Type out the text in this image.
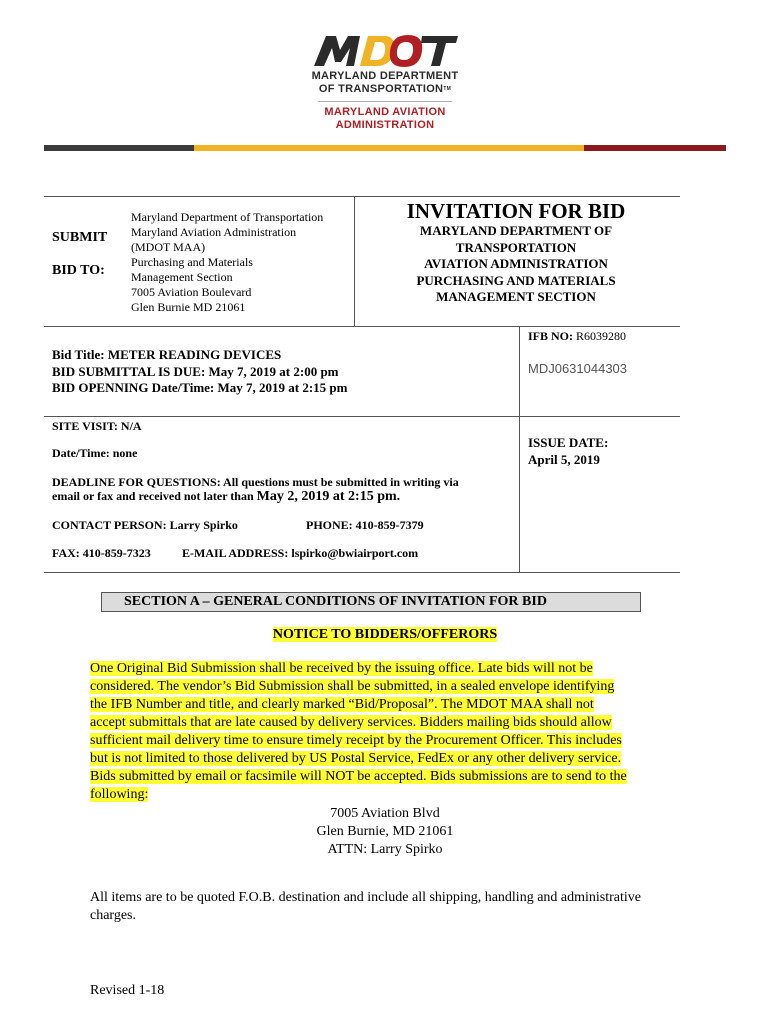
MARYLAND DEPARTMENT
OF TRANSPORTATIONTM
MARYLAND AVIATION
ADMINISTRATION
SUBMIT
BID TO:
Maryland Department of Transportation
Maryland Aviation Administration
(MDOT MAA)
Purchasing and Materials
Management Section
7005 Aviation Boulevard
Glen Burnie MD 21061
INVITATION FOR BID
MARYLAND DEPARTMENT OF
TRANSPORTATION
AVIATION ADMINISTRATION
PURCHASING AND MATERIALS
MANAGEMENT SECTION
IFB NO: R6039280
MDJ0631044303
Bid Title: METER READING DEVICES
BID SUBMITTAL IS DUE: May 7, 2019 at 2:00 pm
BID OPENNING Date/Time: May 7, 2019 at 2:15 pm
SITE VISIT: N/A
Date/Time: none
DEADLINE FOR QUESTIONS: All questions must be submitted in writing via
email or fax and received not later than May 2, 2019 at 2:15 pm.
CONTACT PERSON: Larry Spirko	PHONE: 410-859-7379
FAX: 410-859-7323	E-MAIL ADDRESS: lspirko@bwiairport.com
ISSUE DATE:
April 5, 2019
SECTION A – GENERAL CONDITIONS OF INVITATION FOR BID
NOTICE TO BIDDERS/OFFERORS
One Original Bid Submission shall be received by the issuing office. Late bids will not be
considered. The vendor’s Bid Submission shall be submitted, in a sealed envelope identifying
the IFB Number and title, and clearly marked “Bid/Proposal”. The MDOT MAA shall not
accept submittals that are late caused by delivery services. Bidders mailing bids should allow
sufficient mail delivery time to ensure timely receipt by the Procurement Officer. This includes
but is not limited to those delivered by US Postal Service, FedEx or any other delivery service.
Bids submitted by email or facsimile will NOT be accepted. Bids submissions are to send to the
following:
7005 Aviation Blvd
Glen Burnie, MD 21061
ATTN: Larry Spirko
All items are to be quoted F.O.B. destination and include all shipping, handling and administrative
charges.
Revised 1-18
